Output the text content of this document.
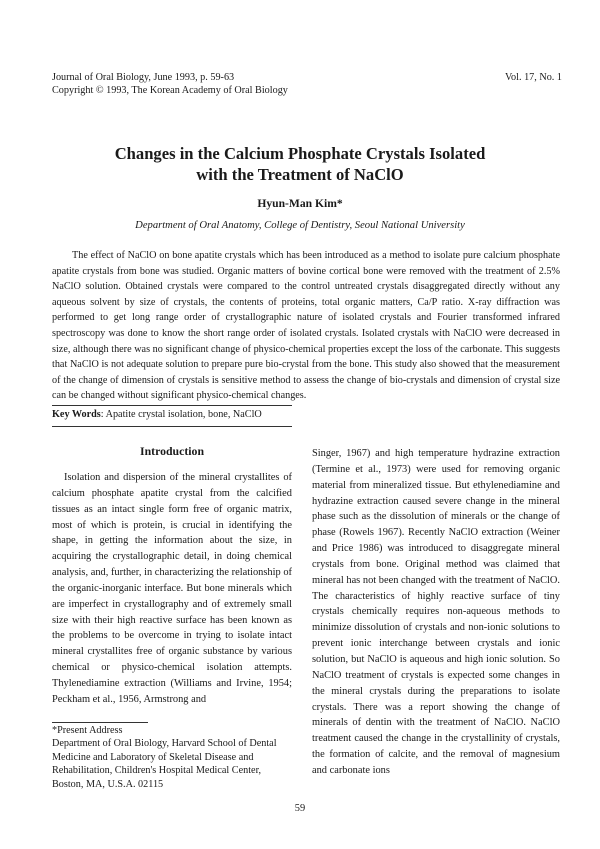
Journal of Oral Biology, June 1993, p. 59-63
Copyright © 1993, The Korean Academy of Oral Biology
Vol. 17, No. 1
Changes in the Calcium Phosphate Crystals Isolated
with the Treatment of NaClO
Hyun-Man Kim*
Department of Oral Anatomy, College of Dentistry, Seoul National University

The effect of NaClO on bone apatite crystals which has been introduced as a method to isolate pure calcium phosphate apatite crystals from bone was studied. Organic matters of bovine cortical bone were removed with the treatment of 2.5% NaClO solution. Obtained crystals were compared to the control untreated crystals disaggregated directly without any aqueous solvent by size of crystals, the contents of proteins, total organic matters, Ca/P ratio. X-ray diffraction was performed to get long range order of crystallographic nature of isolated crystals and Fourier transformed infrared spectroscopy was done to know the short range order of isolated crystals. Isolated crystals with NaClO were decreased in size, although there was no significant change of physico-chemical properties except the loss of the carbonate. This suggests that NaClO is not adequate solution to prepare pure bio-crystal from the bone. This study also showed that the measurement of the change of dimension of crystals is sensitive method to assess the change of bio-crystals and dimension of crystal size can be changed without significant physico-chemical changes.

Key Words: Apatite crystal isolation, bone, NaClO
Introduction

Isolation and dispersion of the mineral crystallites of calcium phosphate apatite crystal from the calcified tissues as an intact single form free of organic matrix, most of which is protein, is crucial in identifying the shape, in getting the information about the size, in acquiring the crystallographic detail, in doing chemical analysis, and, further, in characterizing the relationship of the organic-inorganic interface. But bone minerals which are imperfect in crystallography and of extremely small size with their high reactive surface has been known as the problems to be overcome in trying to isolate intact mineral crystallites free of organic substance by various chemical or physico-chemical isolation attempts. Thylenediamine extraction (Williams and Irvine, 1954; Peckham et al., 1956, Armstrong and

Singer, 1967) and high temperature hydrazine extraction (Termine et al., 1973) were used for removing organic material from mineralized tissue. But ethylenediamine and hydrazine extraction caused severe change in the mineral phase such as the dissolution of minerals or the change of phase (Rowels 1967). Recently NaClO extraction (Weiner and Price 1986) was introduced to disaggregate mineral crystals from bone. Original method was claimed that mineral has not been changed with the treatment of NaClO. The characteristics of highly reactive surface of tiny crystals chemically requires non-aqueous methods to minimize dissolution of crystals and non-ionic solutions to prevent ionic interchange between crystals and ionic solution, but NaClO is aqueous and high ionic solution. So NaClO treatment of crystals is expected some changes in the mineral crystals during the preparations to isolate crystals. There was a report showing the change of minerals of dentin with the treatment of NaClO. NaClO treatment caused the change in the crystallinity of crystals, the formation of calcite, and the removal of magnesium and carbonate ions

*Present Address
Department of Oral Biology, Harvard School of Dental Medicine and Laboratory of Skeletal Disease and Rehabilitation, Children's Hospital Medical Center, Boston, MA, U.S.A. 02115
59
